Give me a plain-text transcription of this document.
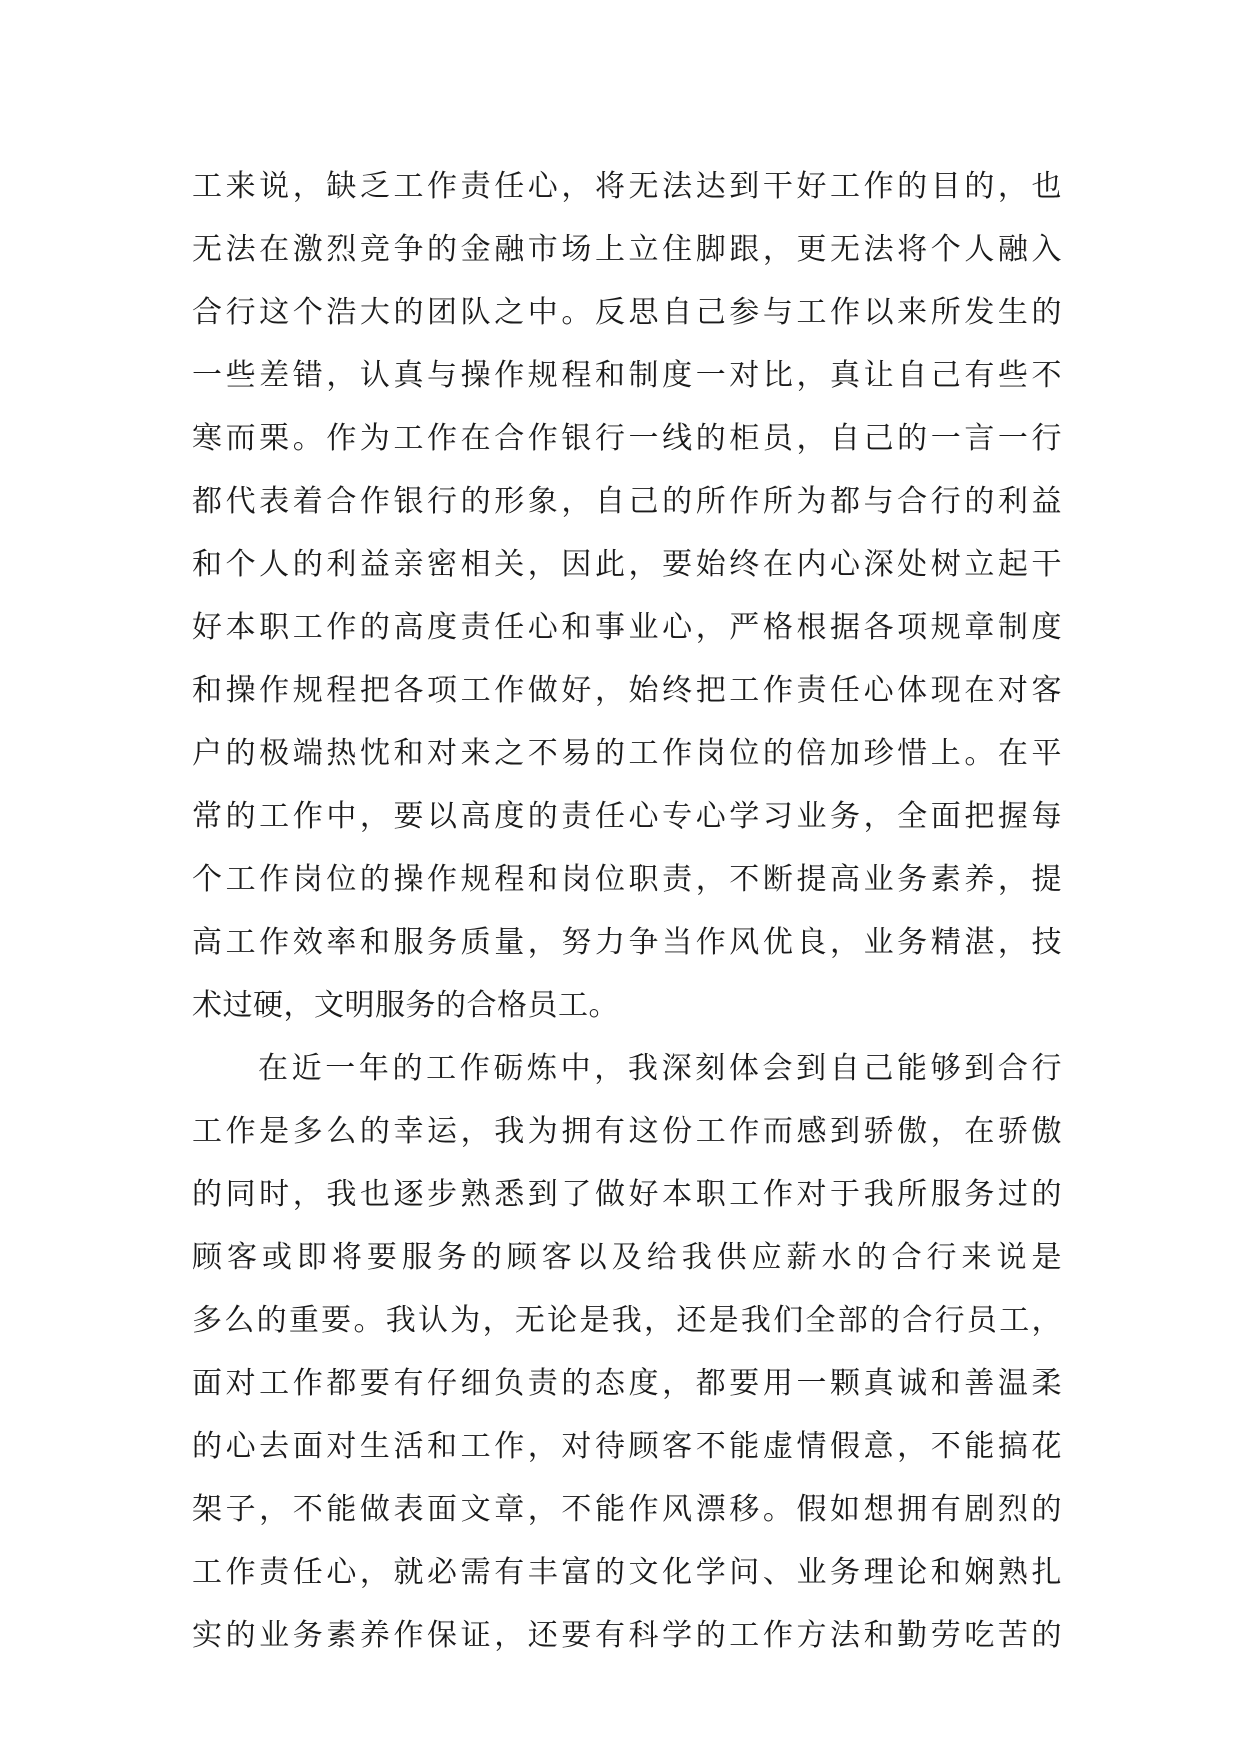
工来说，缺乏工作责任心，将无法达到干好工作的目的，也
无法在激烈竞争的金融市场上立住脚跟，更无法将个人融入
合行这个浩大的团队之中。反思自己参与工作以来所发生的
一些差错，认真与操作规程和制度一对比，真让自己有些不
寒而栗。作为工作在合作银行一线的柜员，自己的一言一行
都代表着合作银行的形象，自己的所作所为都与合行的利益
和个人的利益亲密相关，因此，要始终在内心深处树立起干
好本职工作的高度责任心和事业心，严格根据各项规章制度
和操作规程把各项工作做好，始终把工作责任心体现在对客
户的极端热忱和对来之不易的工作岗位的倍加珍惜上。在平
常的工作中，要以高度的责任心专心学习业务，全面把握每
个工作岗位的操作规程和岗位职责，不断提高业务素养，提
高工作效率和服务质量，努力争当作风优良，业务精湛，技
术过硬，文明服务的合格员工。
在近一年的工作砺炼中，我深刻体会到自己能够到合行
工作是多么的幸运，我为拥有这份工作而感到骄傲，在骄傲
的同时，我也逐步熟悉到了做好本职工作对于我所服务过的
顾客或即将要服务的顾客以及给我供应薪水的合行来说是
多么的重要。我认为，无论是我，还是我们全部的合行员工，
面对工作都要有仔细负责的态度，都要用一颗真诚和善温柔
的心去面对生活和工作，对待顾客不能虚情假意，不能搞花
架子，不能做表面文章，不能作风漂移。假如想拥有剧烈的
工作责任心，就必需有丰富的文化学问、业务理论和娴熟扎
实的业务素养作保证，还要有科学的工作方法和勤劳吃苦的
